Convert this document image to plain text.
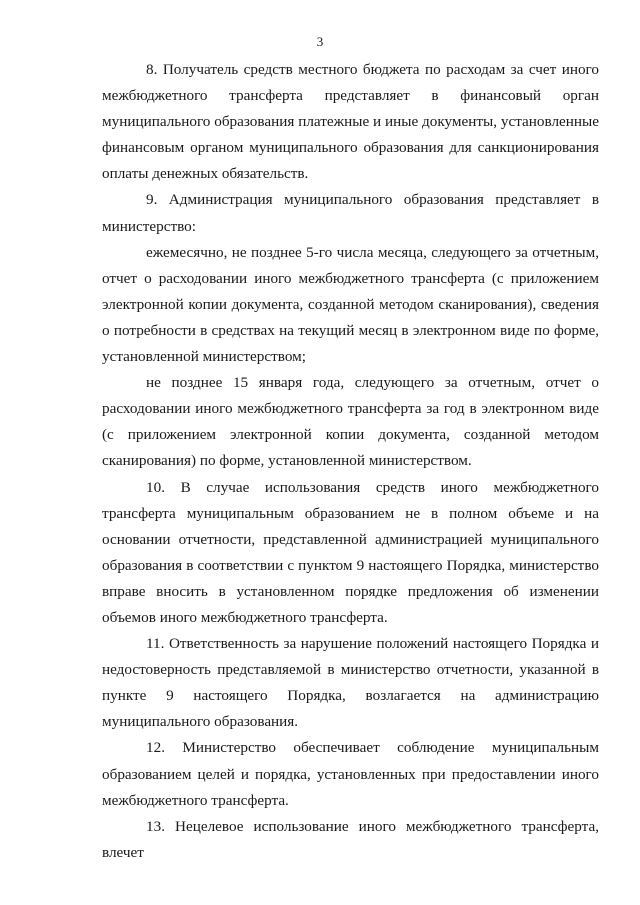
3

8. Получатель средств местного бюджета по расходам за счет иного межбюджетного трансферта представляет в финансовый орган муниципального образования платежные и иные документы, установленные финансовым органом муниципального образования для санкционирования оплаты денежных обязательств.

9. Администрация муниципального образования представляет в министерство:

ежемесячно, не позднее 5-го числа месяца, следующего за отчетным, отчет о расходовании иного межбюджетного трансферта (с приложением электронной копии документа, созданной методом сканирования), сведения о потребности в средствах на текущий месяц в электронном виде по форме, установленной министерством;

не позднее 15 января года, следующего за отчетным, отчет о расходовании иного межбюджетного трансферта за год в электронном виде (с приложением электронной копии документа, созданной методом сканирования) по форме, установленной министерством.

10. В случае использования средств иного межбюджетного трансферта муниципальным образованием не в полном объеме и на основании отчетности, представленной администрацией муниципального образования в соответствии с пунктом 9 настоящего Порядка, министерство вправе вносить в установленном порядке предложения об изменении объемов иного межбюджетного трансферта.

11. Ответственность за нарушение положений настоящего Порядка и недостоверность представляемой в министерство отчетности, указанной в пункте 9 настоящего Порядка, возлагается на администрацию муниципального образования.

12. Министерство обеспечивает соблюдение муниципальным образованием целей и порядка, установленных при предоставлении иного межбюджетного трансферта.

13. Нецелевое использование иного межбюджетного трансферта, влечет
